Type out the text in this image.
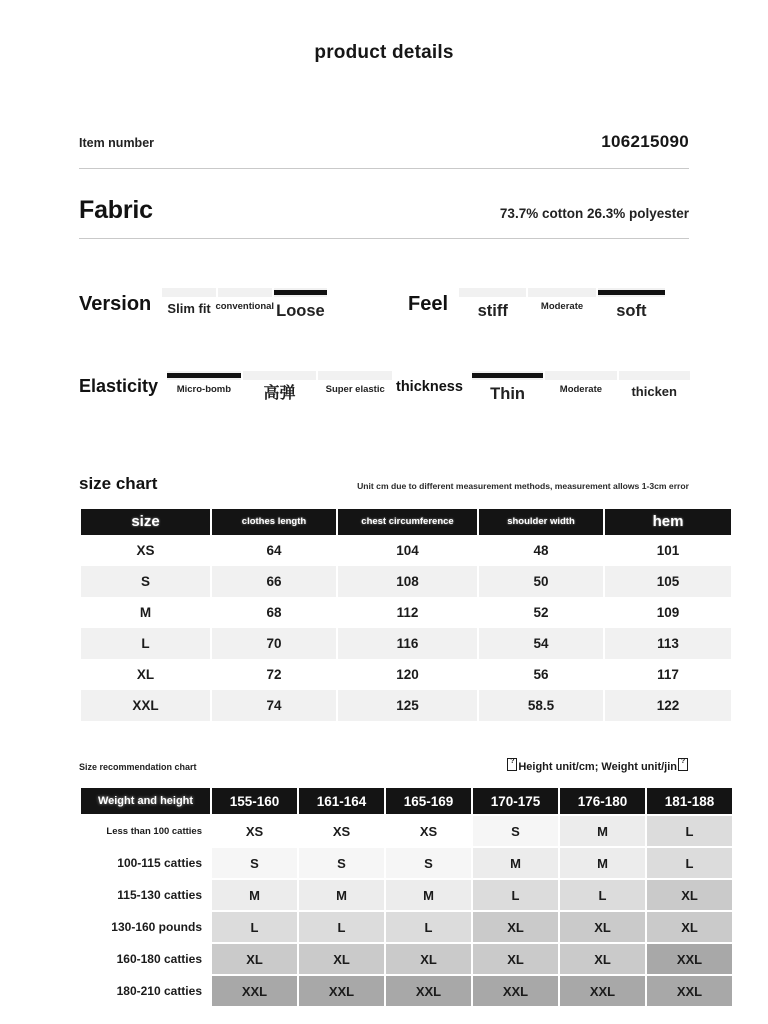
product details
Item number	106215090
Fabric	73.7% cotton 26.3% polyester
Version	Slim fit conventional Loose	Feel	stiff	Moderate	soft
Elasticity	Micro-bomb	高弹	Super elastic thickness	Thin	Moderate	thicken
size chart	Unit cm due to different measurement methods, measurement allows 1-3cm error
size	clothes length	chest circumference	shoulder width	hem
XS	64	104	48	101
S	66	108	50	105
M	68	112	52	109
L	70	116	54	113
XL	72	120	56	117
XXL	74	125	58.5	122
Size recommendation chart ?	Height unit/cm; Weight unit/jin?
Weight and height	155-160	161-164	165-169	170-175	176-180	181-188
Less than 100 catties	XS	XS	XS	S	M	L
100-115 catties	S	S	S	M	M	L
115-130 catties	M	M	M	L	L	XL
130-160 pounds	L	L	L	XL	XL	XL
160-180 catties	XL	XL	XL	XL	XL	XXL
180-210 catties	XXL	XXL	XXL	XXL	XXL	XXL
